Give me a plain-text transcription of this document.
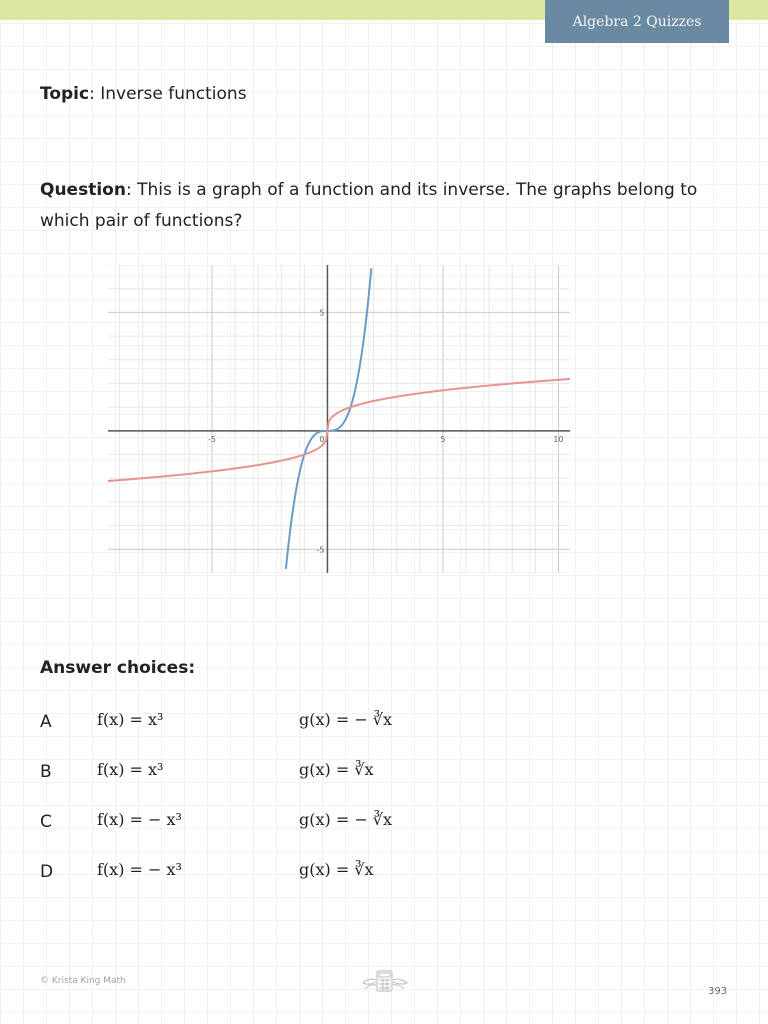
Algebra 2 Quizzes
Topic: Inverse functions
Question: This is a graph of a function and its inverse. The graphs belong to which pair of functions?
-5	5	10
5
-5
0
Answer choices:
A	f(x) = x³	g(x) = − ∛x
B	f(x) = x³	g(x) = ∛x
C	f(x) = − x³	g(x) = − ∛x
D	f(x) = − x³	g(x) = ∛x
© Krista King Math
393
